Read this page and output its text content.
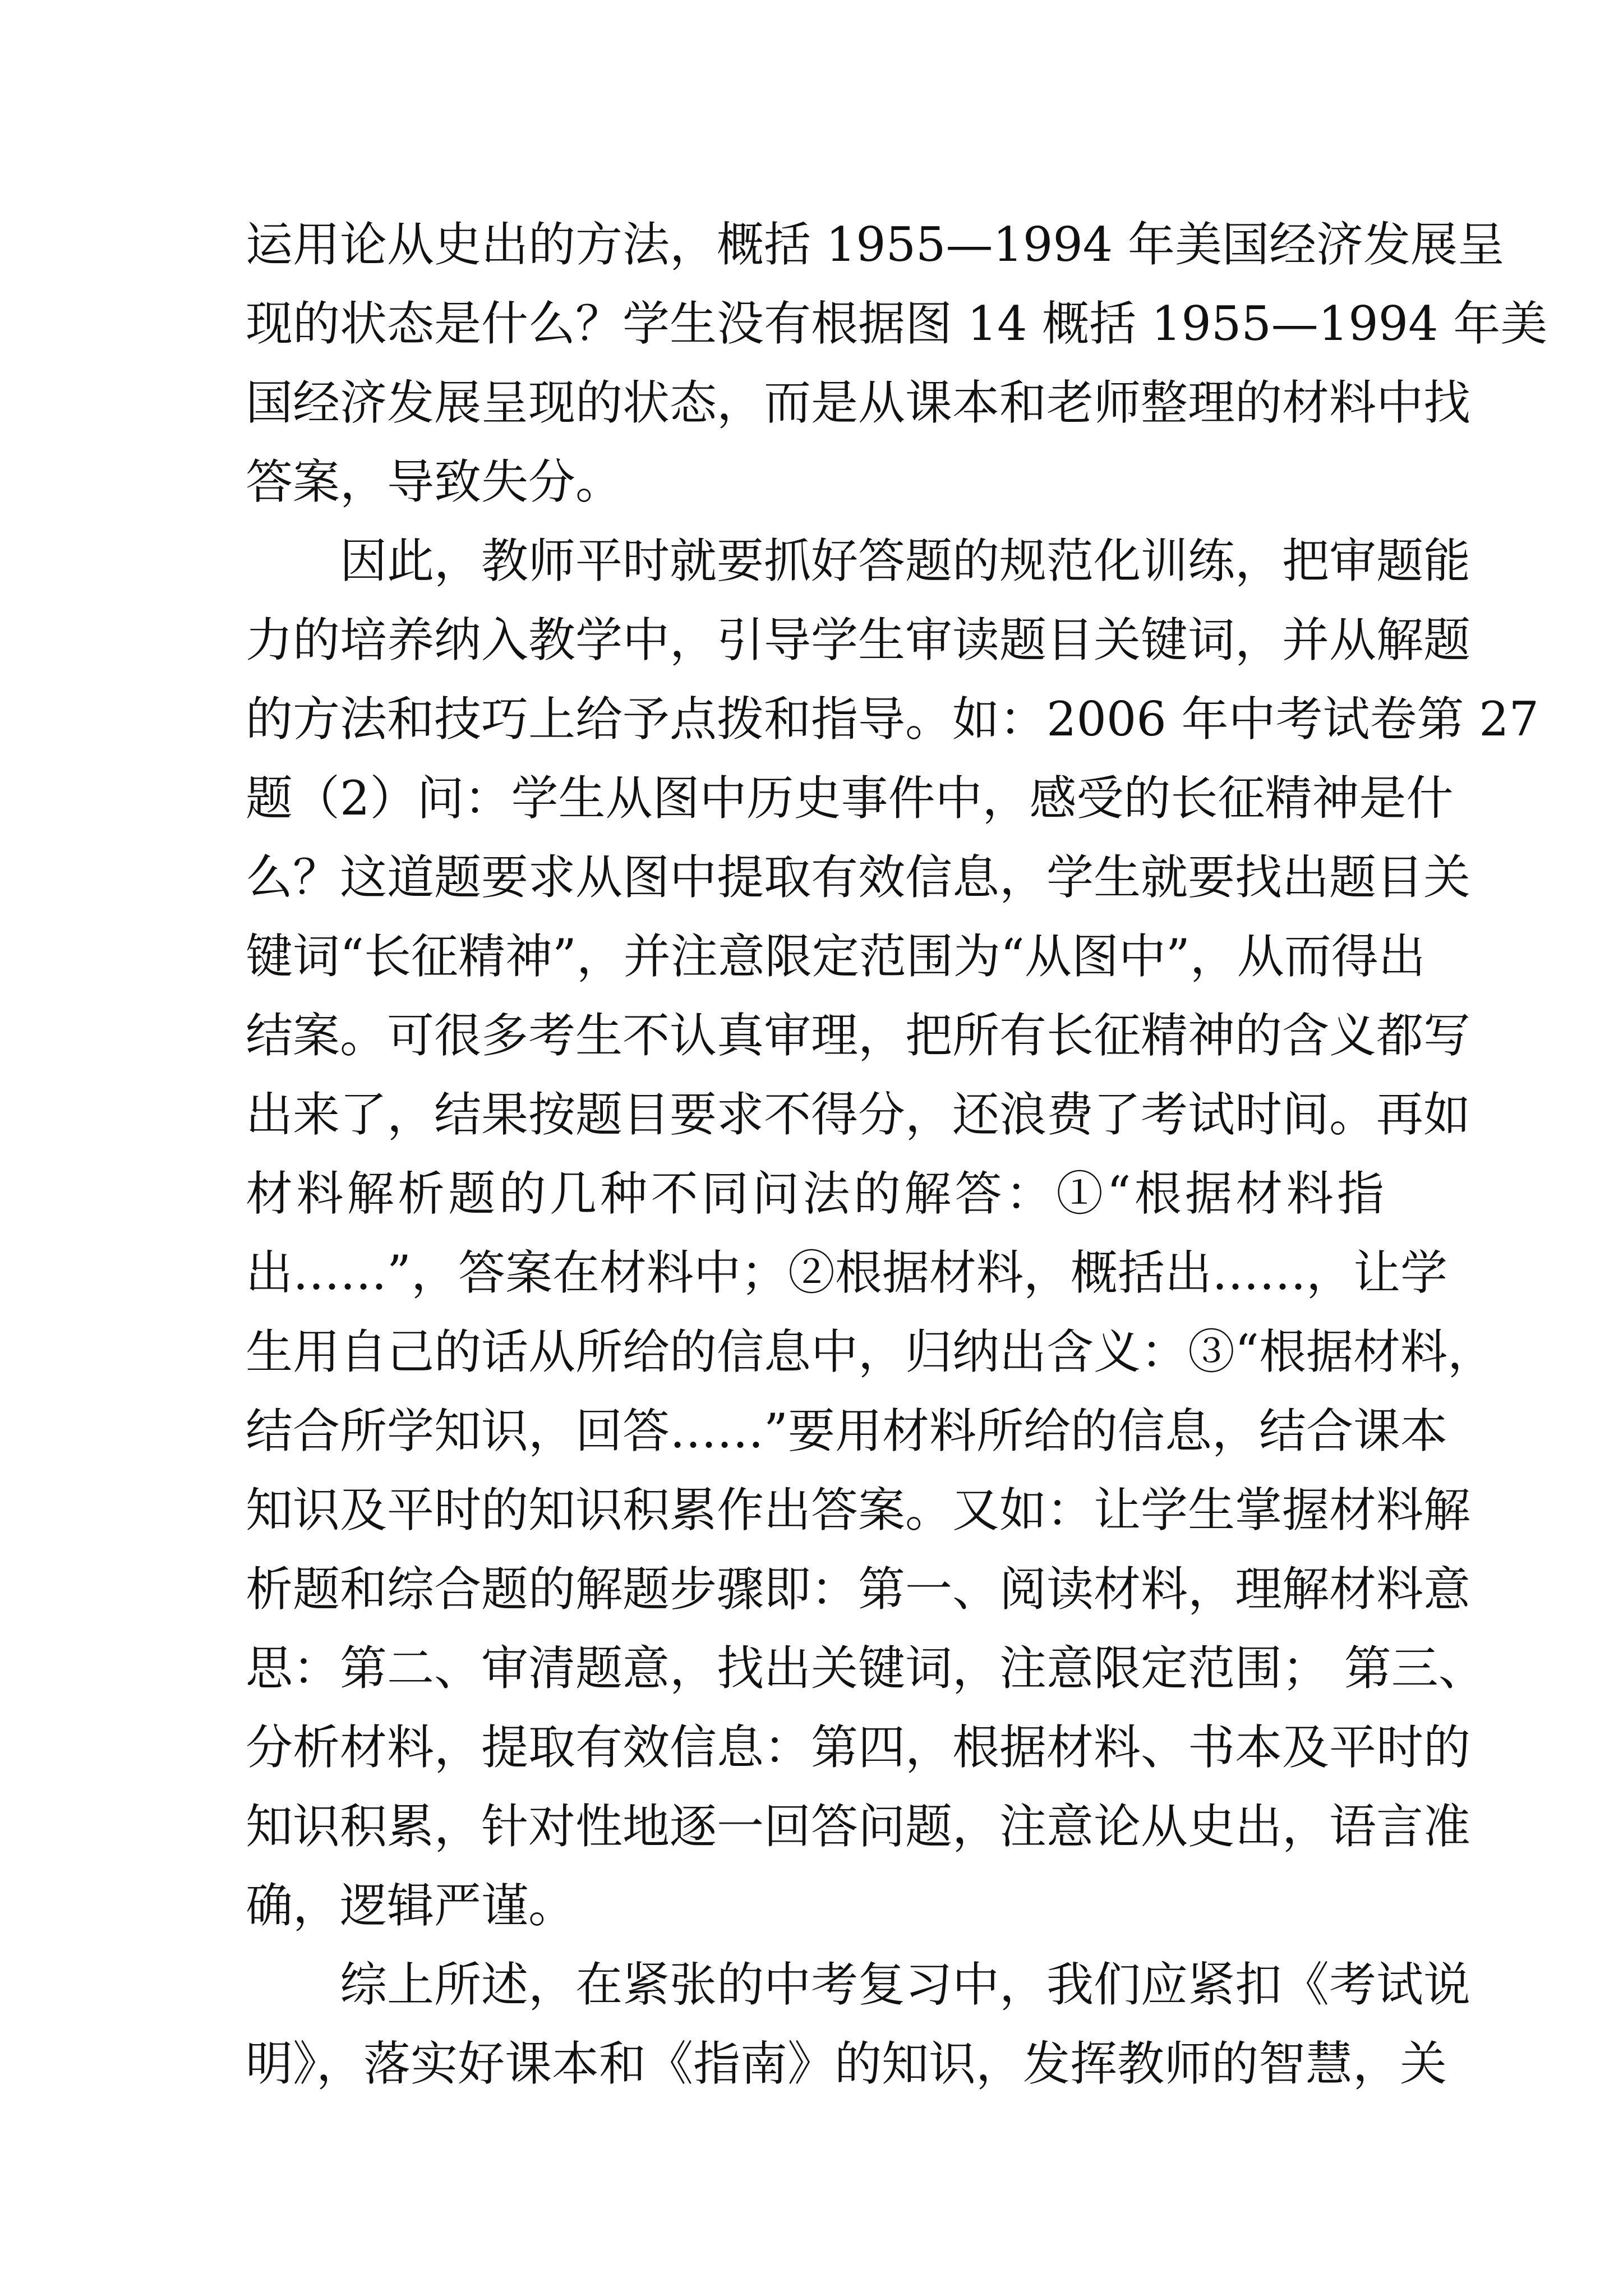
运用论从史出的方法，概括 1955—1994 年美国经济发展呈
现的状态是什么？学生没有根据图 14 概括 1955—1994 年美
国经济发展呈现的状态，而是从课本和老师整理的材料中找
答案，导致失分。
因此，教师平时就要抓好答题的规范化训练，把审题能
力的培养纳入教学中，引导学生审读题目关键词，并从解题
的方法和技巧上给予点拨和指导。如：2006 年中考试卷第 27
题（2）问：学生从图中历史事件中，感受的长征精神是什
么？这道题要求从图中提取有效信息，学生就要找出题目关
键词“长征精神”，并注意限定范围为“从图中”，从而得出
结案。可很多考生不认真审理，把所有长征精神的含义都写
出来了，结果按题目要求不得分，还浪费了考试时间。再如
材料解析题的几种不同问法的解答：①“根据材料指
出……”，答案在材料中；②根据材料，概括出……，让学
生用自己的话从所给的信息中，归纳出含义：③“根据材料，
结合所学知识，回答……”要用材料所给的信息，结合课本
知识及平时的知识积累作出答案。又如：让学生掌握材料解
析题和综合题的解题步骤即：第一、阅读材料，理解材料意
思：第二、审清题意，找出关键词，注意限定范围； 第三、
分析材料，提取有效信息：第四，根据材料、书本及平时的
知识积累，针对性地逐一回答问题，注意论从史出，语言准
确，逻辑严谨。
综上所述，在紧张的中考复习中，我们应紧扣《考试说
明》，落实好课本和《指南》的知识，发挥教师的智慧，关
